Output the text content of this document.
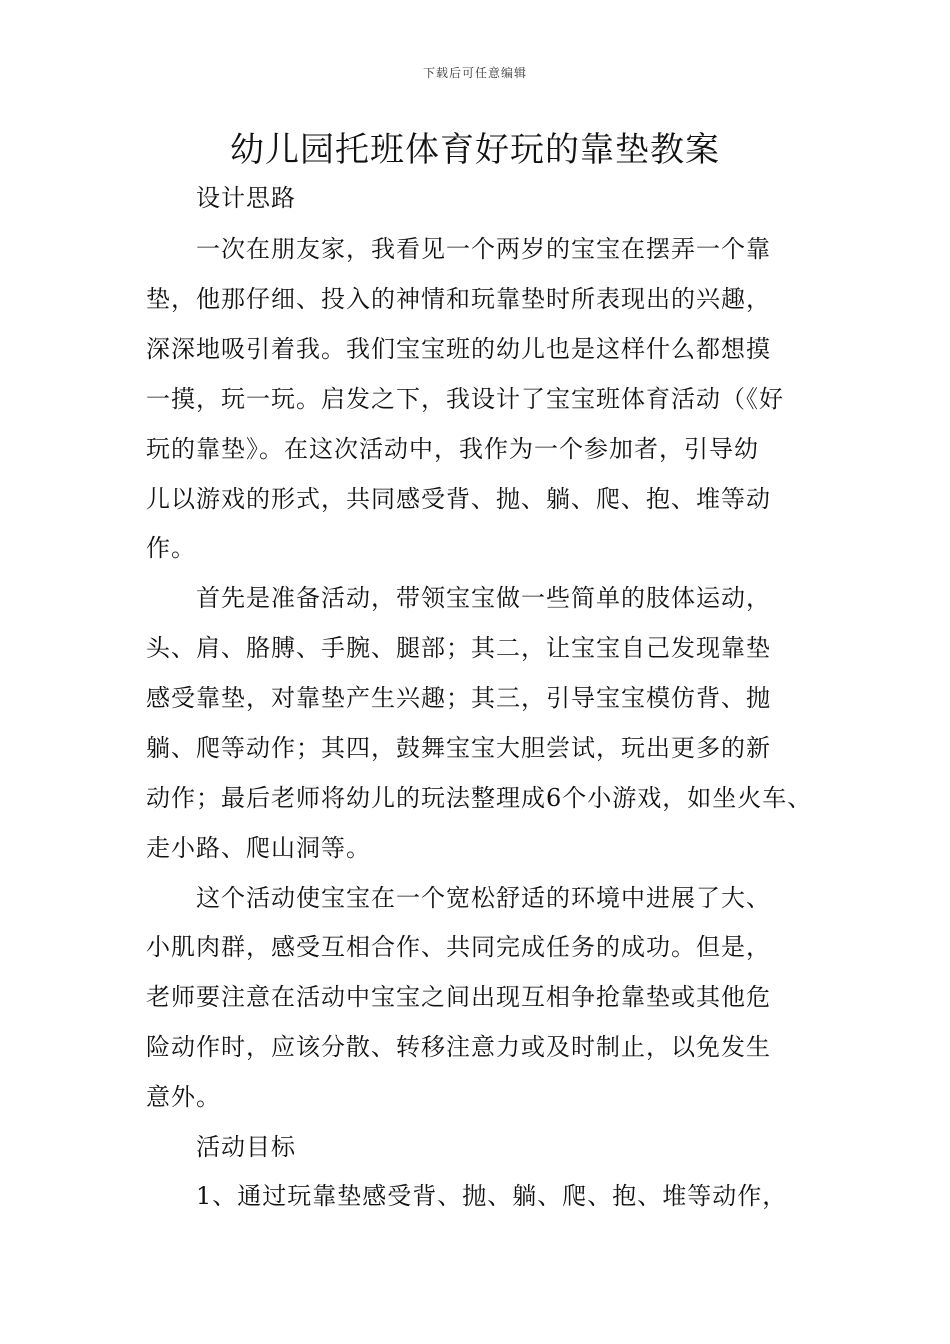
下载后可任意编辑
幼儿园托班体育好玩的靠垫教案
设计思路
一次在朋友家，我看见一个两岁的宝宝在摆弄一个靠
垫，他那仔细、投入的神情和玩靠垫时所表现出的兴趣，
深深地吸引着我。我们宝宝班的幼儿也是这样什么都想摸
一摸，玩一玩。启发之下，我设计了宝宝班体育活动（《好
玩的靠垫》。在这次活动中，我作为一个参加者，引导幼
儿以游戏的形式，共同感受背、抛、躺、爬、抱、堆等动
作。
首先是准备活动，带领宝宝做一些简单的肢体运动，
头、肩、胳膊、手腕、腿部；其二，让宝宝自己发现靠垫
感受靠垫，对靠垫产生兴趣；其三，引导宝宝模仿背、抛
躺、爬等动作；其四，鼓舞宝宝大胆尝试，玩出更多的新
动作；最后老师将幼儿的玩法整理成6个小游戏，如坐火车、
走小路、爬山洞等。
这个活动使宝宝在一个宽松舒适的环境中进展了大、
小肌肉群，感受互相合作、共同完成任务的成功。但是，
老师要注意在活动中宝宝之间出现互相争抢靠垫或其他危
险动作时，应该分散、转移注意力或及时制止，以免发生
意外。
活动目标
1、通过玩靠垫感受背、抛、躺、爬、抱、堆等动作，
